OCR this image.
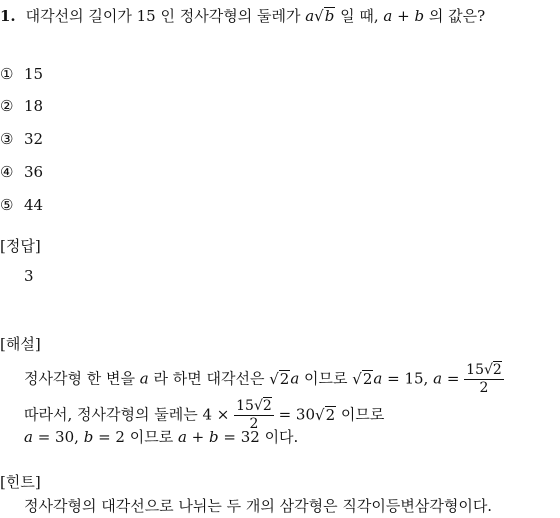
1. 대각선의 길이가 15 인 정사각형의 둘레가 a√b 일 때, a + b 의 값은?
① 15
② 18
③ 32
④ 36
⑤ 44
[정답]
3
[해설]
정사각형 한 변을 a 라 하면 대각선은 √2a 이므로 √2a = 15, $a = \frac{15√2}{2}$
따라서, 정사각형의 둘레는 $4 \times \frac{15√2}{2} = 30√2$ 이므로
a = 30, b = 2 이므로 a + b = 32 이다.
[힌트]
정사각형의 대각선으로 나뉘는 두 개의 삼각형은 직각이등변삼각형이다.
